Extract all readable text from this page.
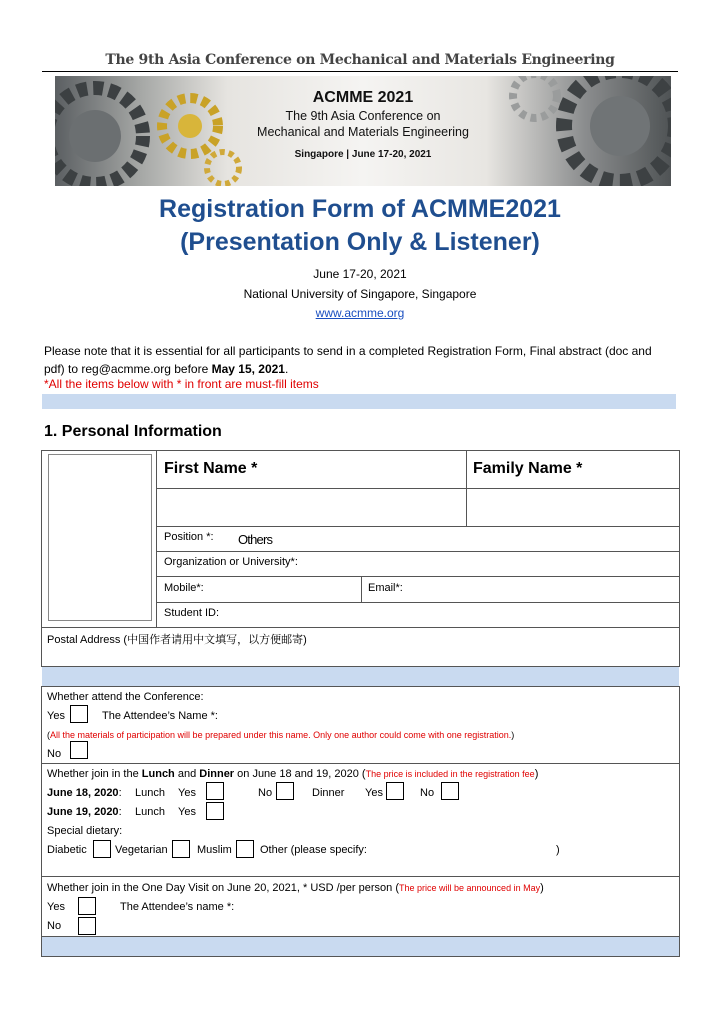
The 9th Asia Conference on Mechanical and Materials Engineering
ACMME 2021
The 9th Asia Conference on
Mechanical and Materials Engineering
Singapore | June 17-20, 2021
Registration Form of ACMME2021
(Presentation Only & Listener)
June 17-20, 2021
National University of Singapore, Singapore
www.acmme.org
Please note that it is essential for all participants to send in a completed Registration Form, Final abstract (doc and pdf) to reg@acmme.org before May 15, 2021.
*All the items below with * in front are must-fill items
1. Personal Information
First Name *	Family Name *
Position *: Others
Organization or University*:
Mobile*:	Email*:
Student ID:
Postal Address (中国作者请用中文填写，以方便邮寄)
Whether attend the Conference:
Yes	The Attendee’s Name *:
(All the materials of participation will be prepared under this name. Only one author could come with one registration.)
No
Whether join in the Lunch and Dinner on June 18 and 19, 2020 (The price is included in the registration fee)
June 18, 2020: Lunch Yes	No	Dinner Yes	No
June 19, 2020: Lunch Yes
Special dietary:
Diabetic	Vegetarian	Muslim	Other (please specify:	)
Whether join in the One Day Visit on June 20, 2021, * USD /per person (The price will be announced in May)
Yes	The Attendee’s name *:
No
